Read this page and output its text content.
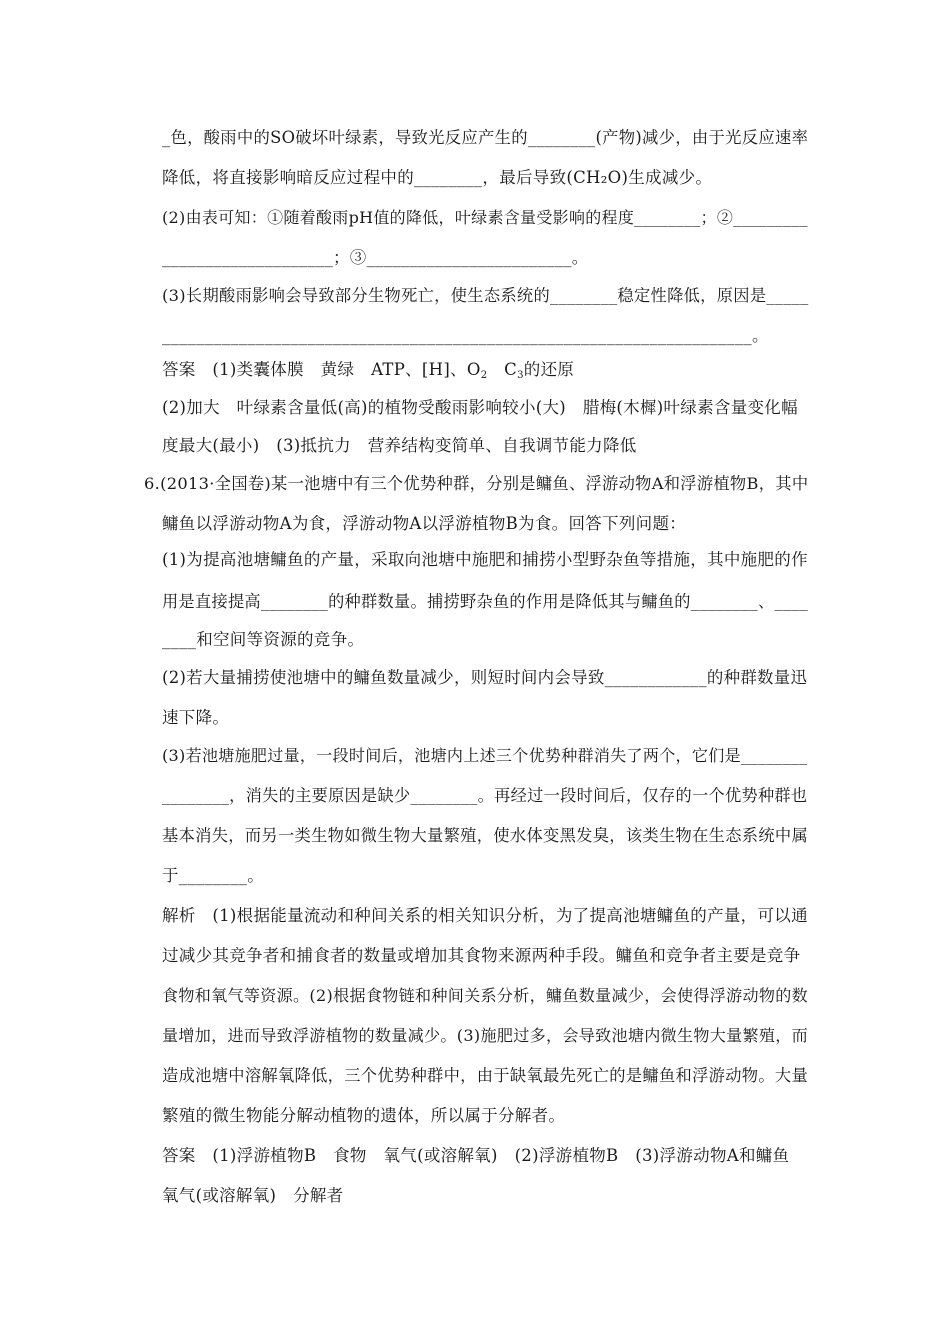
_色，酸雨中的SO破坏叶绿素，导致光反应产生的________(产物)减少，由于光反应速率
降低，将直接影响暗反应过程中的________，最后导致(CH₂O)生成减少。
(2)由表可知：①随着酸雨pH值的降低，叶绿素含量受影响的程度________；②_________
____________________；③________________________。
(3)长期酸雨影响会导致部分生物死亡，使生态系统的________稳定性降低，原因是_____
_____________________________________________________________________。
答案　(1)类囊体膜　黄绿　ATP、[H]、$O_2$　$C_3$的还原
(2)加大　叶绿素含量低(高)的植物受酸雨影响较小(大)　腊梅(木樨)叶绿素含量变化幅
度最大(最小)　(3)抵抗力　营养结构变简单、自我调节能力降低
6.(2013·全国卷)某一池塘中有三个优势种群，分别是鳙鱼、浮游动物A和浮游植物B，其中
鳙鱼以浮游动物A为食，浮游动物A以浮游植物B为食。回答下列问题：
(1)为提高池塘鳙鱼的产量，采取向池塘中施肥和捕捞小型野杂鱼等措施，其中施肥的作
用是直接提高________的种群数量。捕捞野杂鱼的作用是降低其与鳙鱼的________、____
____和空间等资源的竞争。
(2)若大量捕捞使池塘中的鳙鱼数量减少，则短时间内会导致____________的种群数量迅
速下降。
(3)若池塘施肥过量，一段时间后，池塘内上述三个优势种群消失了两个，它们是________
________，消失的主要原因是缺少________。再经过一段时间后，仅存的一个优势种群也
基本消失，而另一类生物如微生物大量繁殖，使水体变黑发臭，该类生物在生态系统中属
于________。
解析　(1)根据能量流动和种间关系的相关知识分析，为了提高池塘鳙鱼的产量，可以通
过减少其竞争者和捕食者的数量或增加其食物来源两种手段。鳙鱼和竞争者主要是竞争
食物和氧气等资源。(2)根据食物链和种间关系分析，鳙鱼数量减少，会使得浮游动物的数
量增加，进而导致浮游植物的数量减少。(3)施肥过多，会导致池塘内微生物大量繁殖，而
造成池塘中溶解氧降低，三个优势种群中，由于缺氧最先死亡的是鳙鱼和浮游动物。大量
繁殖的微生物能分解动植物的遗体，所以属于分解者。
答案　(1)浮游植物B　食物　氧气(或溶解氧)　(2)浮游植物B　(3)浮游动物A和鳙鱼
氧气(或溶解氧)　分解者
